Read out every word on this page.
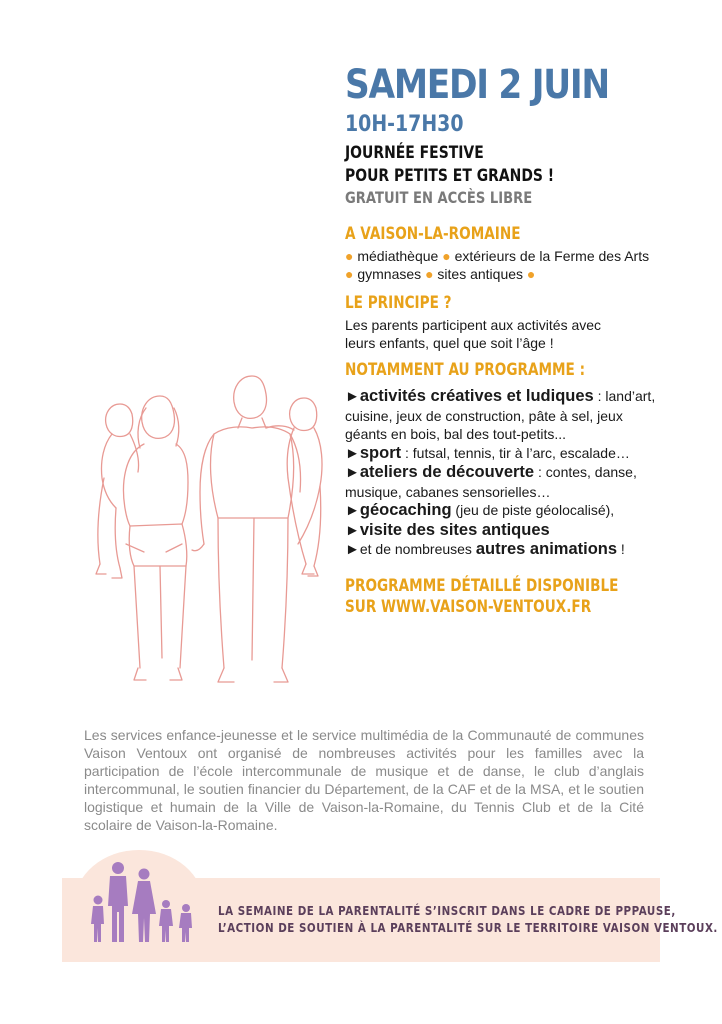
SAMEDI 2 JUIN
10H-17H30
JOURNÉE FESTIVE
POUR PETITS ET GRANDS !
GRATUIT EN ACCÈS LIBRE
A VAISON-LA-ROMAINE
● médiathèque ● extérieurs de la Ferme des Arts ● gymnases ● sites antiques ●
LE PRINCIPE ?
Les parents participent aux activités avec leurs enfants, quel que soit l’âge !
NOTAMMENT AU PROGRAMME :
►activités créatives et ludiques : land’art, cuisine, jeux de construction, pâte à sel, jeux géants en bois, bal des tout-petits...
►sport : futsal, tennis, tir à l’arc, escalade…
►ateliers de découverte : contes, danse, musique, cabanes sensorielles…
►géocaching (jeu de piste géolocalisé),
►visite des sites antiques
►et de nombreuses autres animations !
PROGRAMME DÉTAILLÉ DISPONIBLE
SUR WWW.VAISON-VENTOUX.FR
Les services enfance-jeunesse et le service multimédia de la Communauté de communes Vaison Ventoux ont organisé de nombreuses activités pour les familles avec la participation de l’école intercommunale de musique et de danse, le club d’anglais intercommunal, le soutien financier du Département, de la CAF et de la MSA, et le soutien logistique et humain de la Ville de Vaison-la-Romaine, du Tennis Club et de la Cité scolaire de Vaison-la-Romaine.
LA SEMAINE DE LA PARENTALITÉ S’INSCRIT DANS LE CADRE DE PPPAUSE,
L’ACTION DE SOUTIEN À LA PARENTALITÉ SUR LE TERRITOIRE VAISON VENTOUX.
